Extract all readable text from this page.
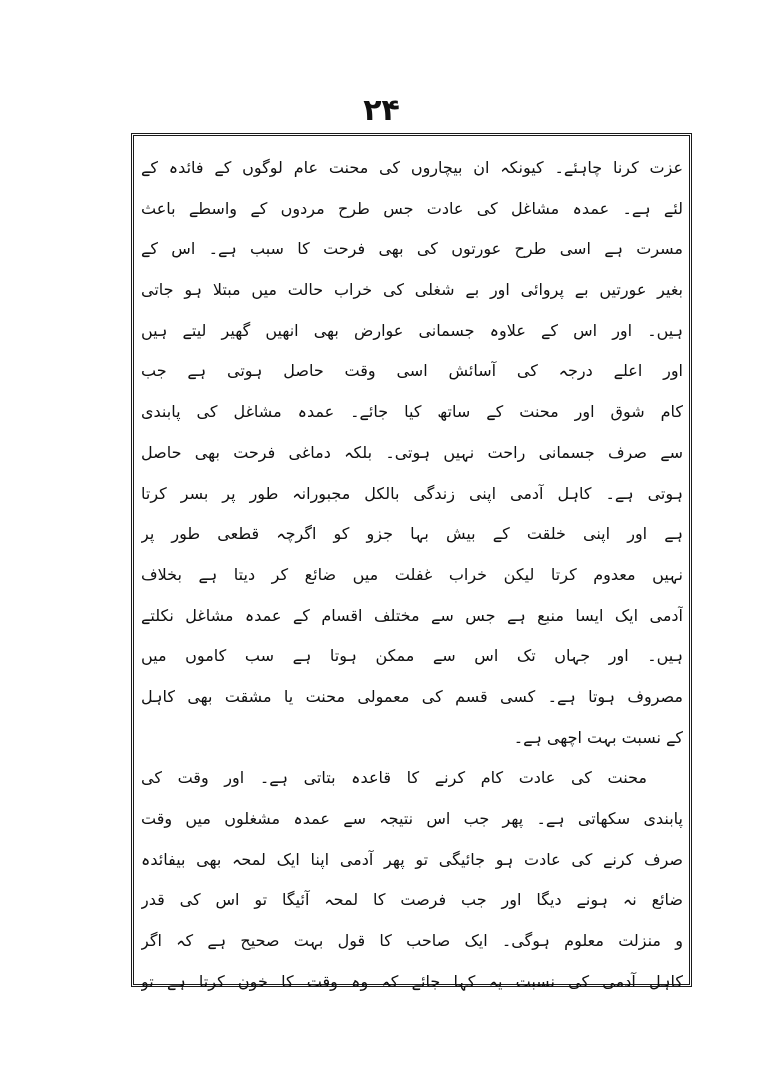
۲۴
عزت کرنا چاہئے۔ کیونکہ ان بیچاروں کی محنت عام لوگوں کے فائدہ کے
لئے ہے۔ عمدہ مشاغل کی عادت جس طرح مردوں کے واسطے باعث
مسرت ہے اسی طرح عورتوں کی بھی فرحت کا سبب ہے۔ اس کے
بغیر عورتیں بے پروائی اور بے شغلی کی خراب حالت میں مبتلا ہو جاتی
ہیں۔ اور اس کے علاوہ جسمانی عوارض بھی انھیں گھیر لیتے ہیں
اور اعلے درجہ کی آسائش اسی وقت حاصل ہوتی ہے جب
کام شوق اور محنت کے ساتھ کیا جائے۔ عمدہ مشاغل کی پابندی
سے صرف جسمانی راحت نہیں ہوتی۔ بلکہ دماغی فرحت بھی حاصل
ہوتی ہے۔ کاہل آدمی اپنی زندگی بالکل مجبورانہ طور پر بسر کرتا
ہے اور اپنی خلقت کے بیش بہا جزو کو اگرچہ قطعی طور پر
نہیں معدوم کرتا لیکن خراب غفلت میں ضائع کر دیتا ہے بخلاف
آدمی ایک ایسا منبع ہے جس سے مختلف اقسام کے عمدہ مشاغل نکلتے
ہیں۔ اور جہاں تک اس سے ممکن ہوتا ہے سب کاموں میں
مصروف ہوتا ہے۔ کسی قسم کی معمولی محنت یا مشقت بھی کاہل
کے نسبت بہت اچھی ہے۔
محنت کی عادت کام کرنے کا قاعدہ بتاتی ہے۔ اور وقت کی
پابندی سکھاتی ہے۔ پھر جب اس نتیجہ سے عمدہ مشغلوں میں وقت
صرف کرنے کی عادت ہو جائیگی تو پھر آدمی اپنا ایک لمحہ بھی بیفائدہ
ضائع نہ ہونے دیگا اور جب فرصت کا لمحہ آئیگا تو اس کی قدر
و منزلت معلوم ہوگی۔ ایک صاحب کا قول بہت صحیح ہے کہ اگر
کاہل آدمی کی نسبت یہ کہا جائے کہ وہ وقت کا خون کرتا ہے تو
